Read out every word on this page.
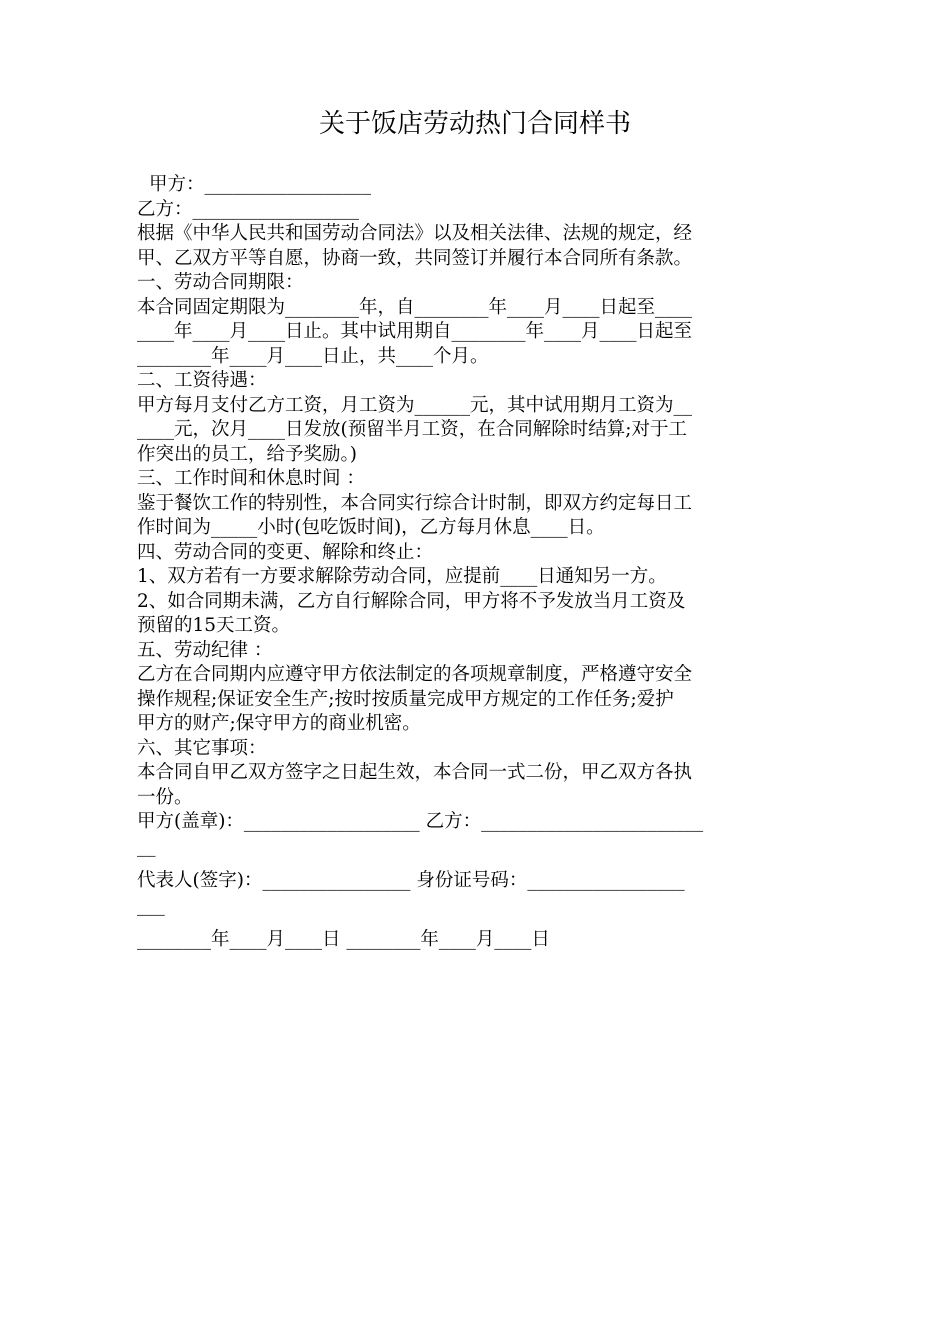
关于饭店劳动热门合同样书
甲方：__________________
乙方：__________________
根据《中华人民共和国劳动合同法》以及相关法律、法规的规定，经
甲、乙双方平等自愿，协商一致，共同签订并履行本合同所有条款。
一、劳动合同期限：
本合同固定期限为________年，自________年____月____日起至____
____年____月____日止。其中试用期自________年____月____日起至
________年____月____日止，共____个月。
二、工资待遇：
甲方每月支付乙方工资，月工资为______元，其中试用期月工资为__
____元，次月____日发放(预留半月工资，在合同解除时结算;对于工
作突出的员工，给予奖励。)
三、工作时间和休息时间 ：
鉴于餐饮工作的特别性，本合同实行综合计时制，即双方约定每日工
作时间为_____小时(包吃饭时间)，乙方每月休息____日。
四、劳动合同的变更、解除和终止：
1、双方若有一方要求解除劳动合同，应提前____日通知另一方。
2、如合同期未满，乙方自行解除合同，甲方将不予发放当月工资及
预留的15天工资。
五、劳动纪律 ：
乙方在合同期内应遵守甲方依法制定的各项规章制度，严格遵守安全
操作规程;保证安全生产;按时按质量完成甲方规定的工作任务;爱护
甲方的财产;保守甲方的商业机密。
六、其它事项：
本合同自甲乙双方签字之日起生效，本合同一式二份，甲乙双方各执
一份。
甲方(盖章)：___________________ 乙方：________________________
__
代表人(签字)：________________ 身份证号码：_________________
___
________年____月____日 ________年____月____日
